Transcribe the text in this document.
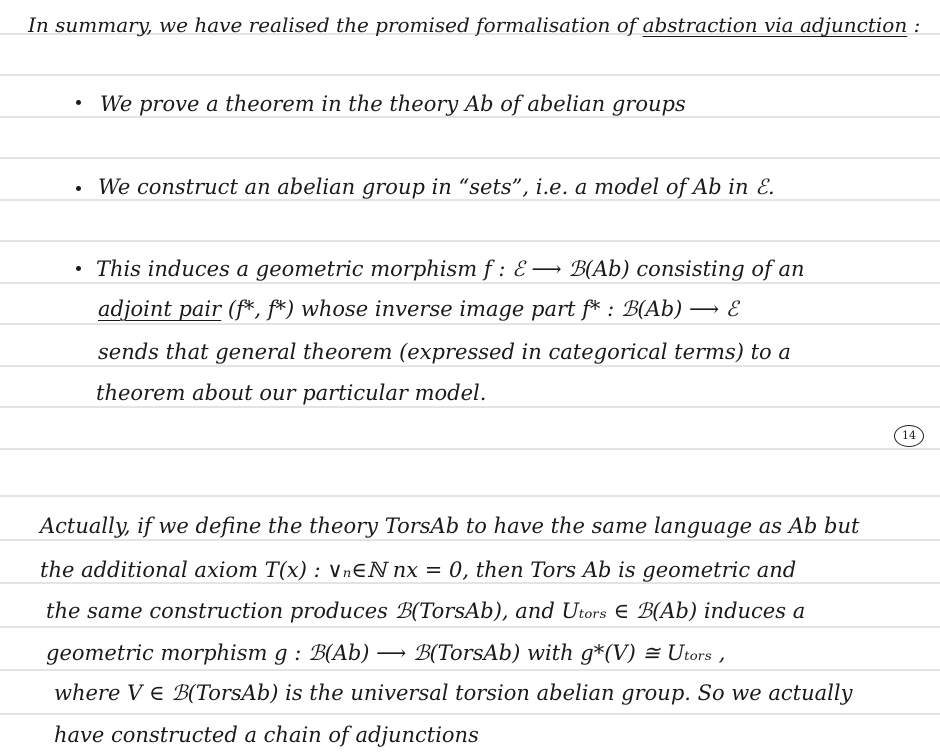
In summary, we have realised the promised formalisation of abstraction via adjunction :
We prove a theorem in the theory Ab of abelian groups
We construct an abelian group in “sets”, i.e. a model of Ab in ℰ.
This induces a geometric morphism f : ℰ ⟶ ℬ(Ab) consisting of an
adjoint pair (f*, f*) whose inverse image part f* : ℬ(Ab) ⟶ ℰ
sends that general theorem (expressed in categorical terms) to a
theorem about our particular model.
14
Actually, if we define the theory TorsAb to have the same language as Ab but
the additional axiom T(x) : ∨ₙ∈ℕ nx = 0, then Tors Ab is geometric and
the same construction produces ℬ(TorsAb), and Uₜₒᵣₛ ∈ ℬ(Ab) induces a
geometric morphism g : ℬ(Ab) ⟶ ℬ(TorsAb) with g*(V) ≅ Uₜₒᵣₛ ,
where V ∈ ℬ(TorsAb) is the universal torsion abelian group. So we actually
have constructed a chain of adjunctions
